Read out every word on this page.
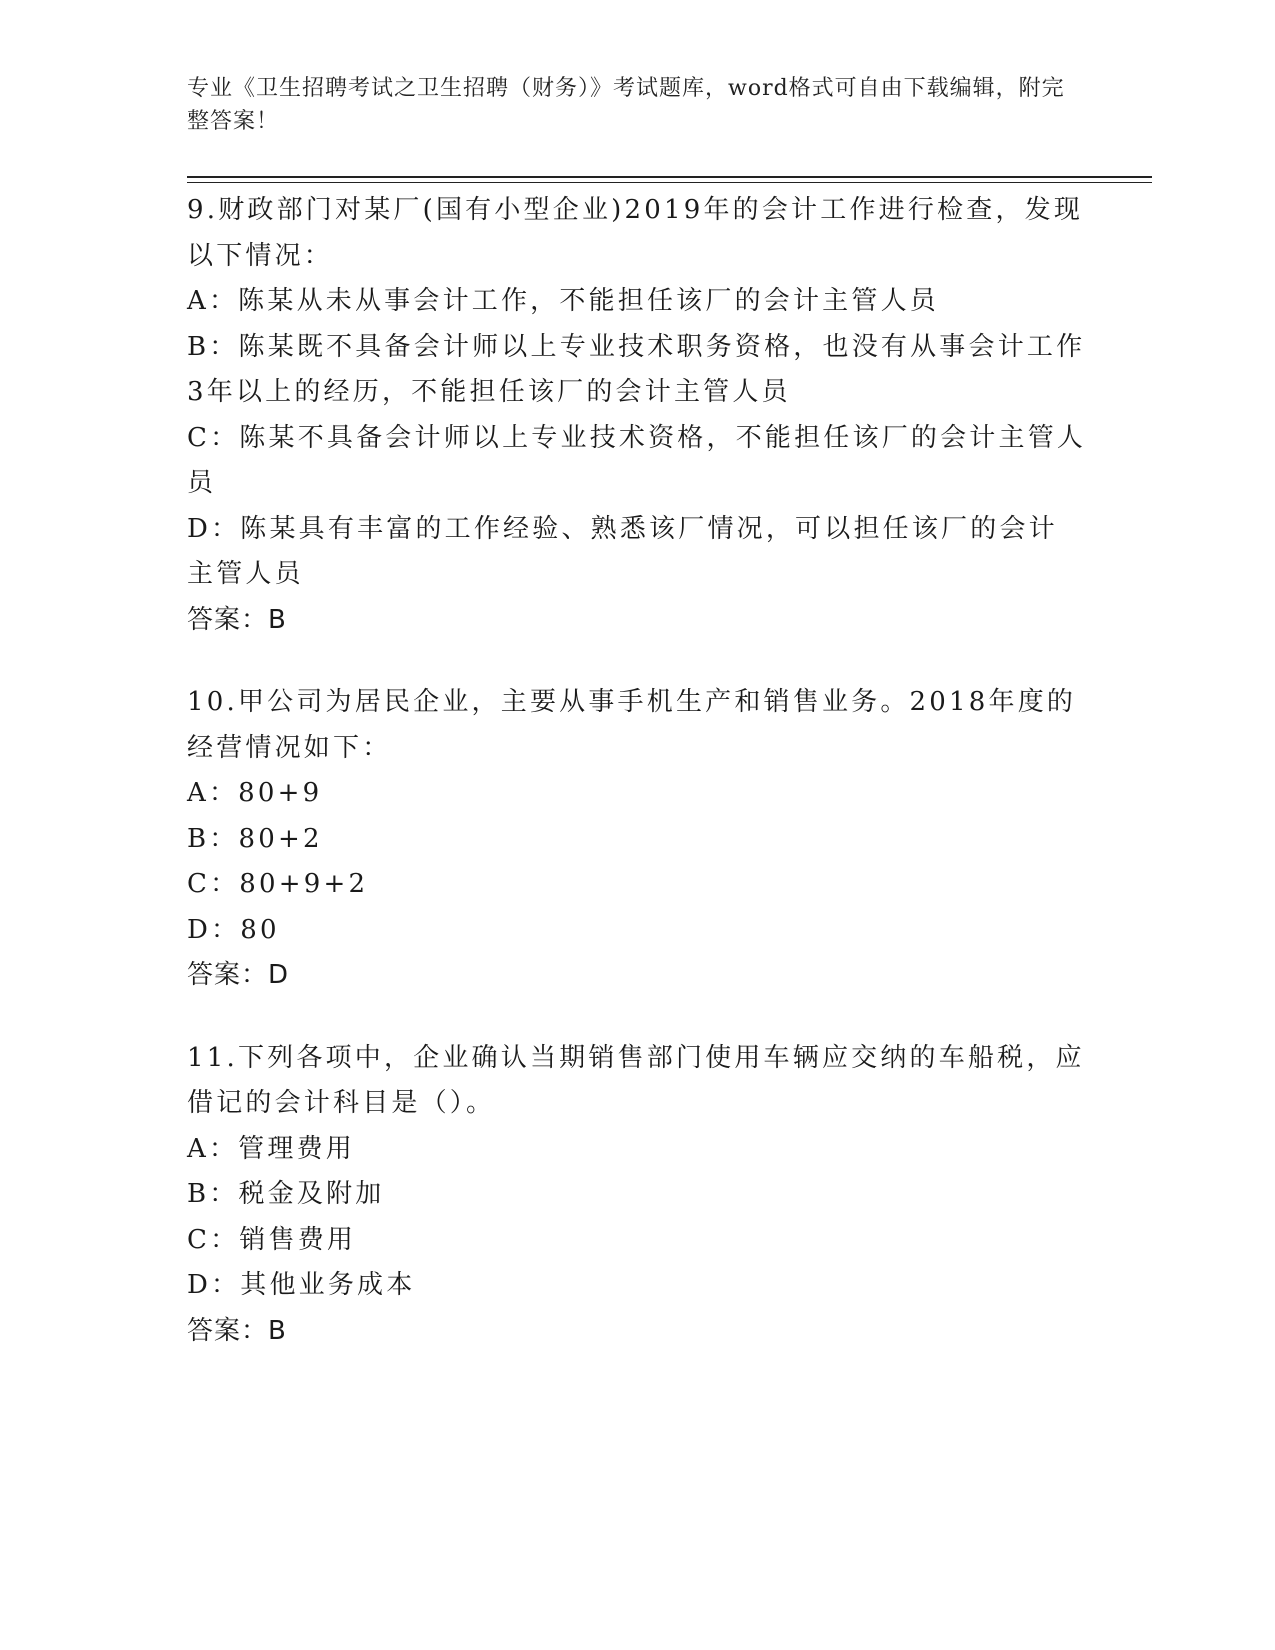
专业《卫生招聘考试之卫生招聘（财务）》考试题库，word格式可自由下载编辑，附完整答案！
9.财政部门对某厂(国有小型企业)2019年的会计工作进行检查，发现以下情况：
A：陈某从未从事会计工作，不能担任该厂的会计主管人员
B：陈某既不具备会计师以上专业技术职务资格，也没有从事会计工作3年以上的经历，不能担任该厂的会计主管人员
C：陈某不具备会计师以上专业技术资格，不能担任该厂的会计主管人员
D：陈某具有丰富的工作经验、熟悉该厂情况，可以担任该厂的会计主管人员
答案：B
10.甲公司为居民企业，主要从事手机生产和销售业务。2018年度的经营情况如下：
A：80+9
B：80+2
C：80+9+2
D：80
答案：D
11.下列各项中，企业确认当期销售部门使用车辆应交纳的车船税，应借记的会计科目是（）。
A：管理费用
B：税金及附加
C：销售费用
D：其他业务成本
答案：B
